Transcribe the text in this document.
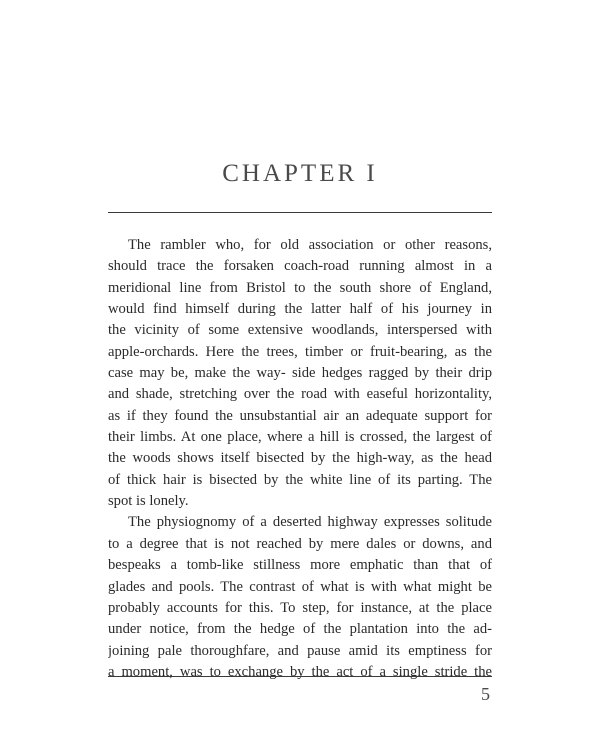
CHAPTER I
The rambler who, for old association or other reasons,
should trace the forsaken coach-road running almost in a
meridional line from Bristol to the south shore of England,
would find himself during the latter half of his journey in
the vicinity of some extensive woodlands, interspersed with
apple-orchards. Here the trees, timber or fruit-bearing, as the
case may be, make the way- side hedges ragged by their drip
and shade, stretching over the road with easeful horizontality,
as if they found the unsubstantial air an adequate support for
their limbs. At one place, where a hill is crossed, the largest of
the woods shows itself bisected by the high-way, as the head
of thick hair is bisected by the white line of its parting. The
spot is lonely.
The physiognomy of a deserted highway expresses solitude
to a degree that is not reached by mere dales or downs, and
bespeaks a tomb-like stillness more emphatic than that of
glades and pools. The contrast of what is with what might be
probably accounts for this. To step, for instance, at the place
under notice, from the hedge of the plantation into the ad-
joining pale thoroughfare, and pause amid its emptiness for
a moment, was to exchange by the act of a single stride the
5
